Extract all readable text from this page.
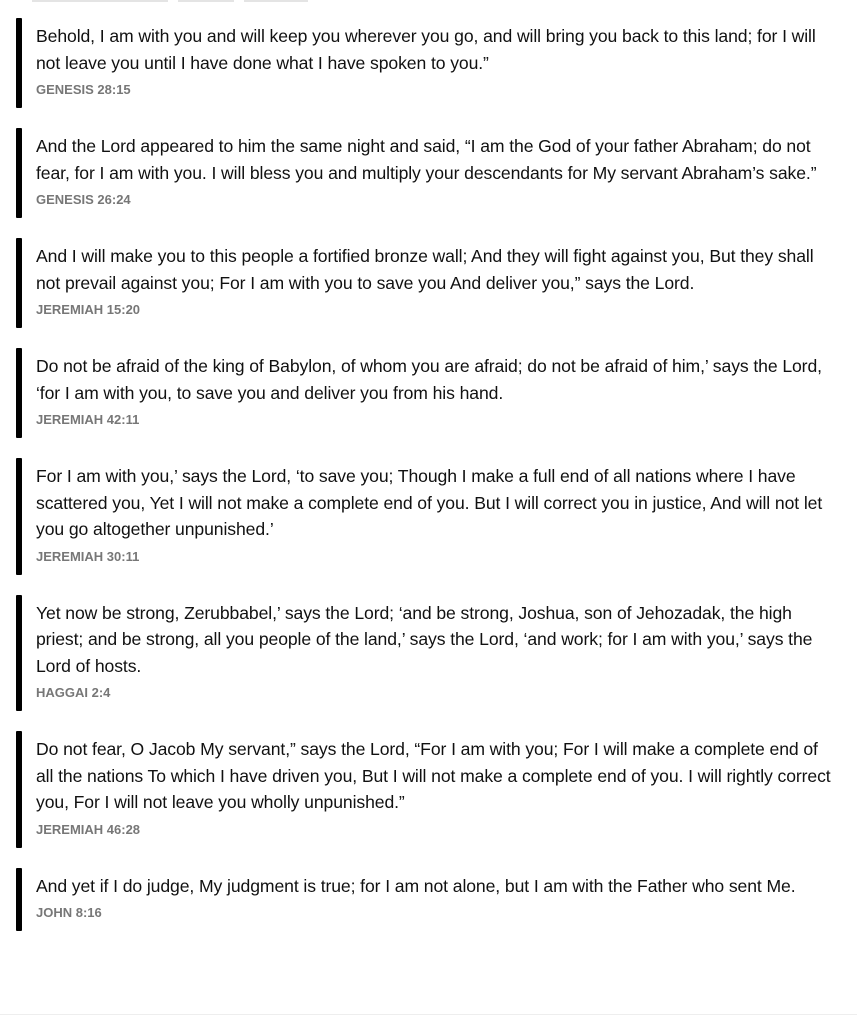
Behold, I am with you and will keep you wherever you go, and will bring you back to this land; for I will not leave you until I have done what I have spoken to you.”

GENESIS 28:15

And the Lord appeared to him the same night and said, “I am the God of your father Abraham; do not fear, for I am with you. I will bless you and multiply your descendants for My servant Abraham’s sake.”

GENESIS 26:24

And I will make you to this people a fortified bronze wall; And they will fight against you, But they shall not prevail against you; For I am with you to save you And deliver you,” says the Lord.

JEREMIAH 15:20

Do not be afraid of the king of Babylon, of whom you are afraid; do not be afraid of him,’ says the Lord, ‘for I am with you, to save you and deliver you from his hand.

JEREMIAH 42:11

For I am with you,’ says the Lord, ‘to save you; Though I make a full end of all nations where I have scattered you, Yet I will not make a complete end of you. But I will correct you in justice, And will not let you go altogether unpunished.’

JEREMIAH 30:11

Yet now be strong, Zerubbabel,’ says the Lord; ‘and be strong, Joshua, son of Jehozadak, the high priest; and be strong, all you people of the land,’ says the Lord, ‘and work; for I am with you,’ says the Lord of hosts.

HAGGAI 2:4

Do not fear, O Jacob My servant,” says the Lord, “For I am with you; For I will make a complete end of all the nations To which I have driven you, But I will not make a complete end of you. I will rightly correct you, For I will not leave you wholly unpunished.”

JEREMIAH 46:28

And yet if I do judge, My judgment is true; for I am not alone, but I am with the Father who sent Me.

JOHN 8:16
